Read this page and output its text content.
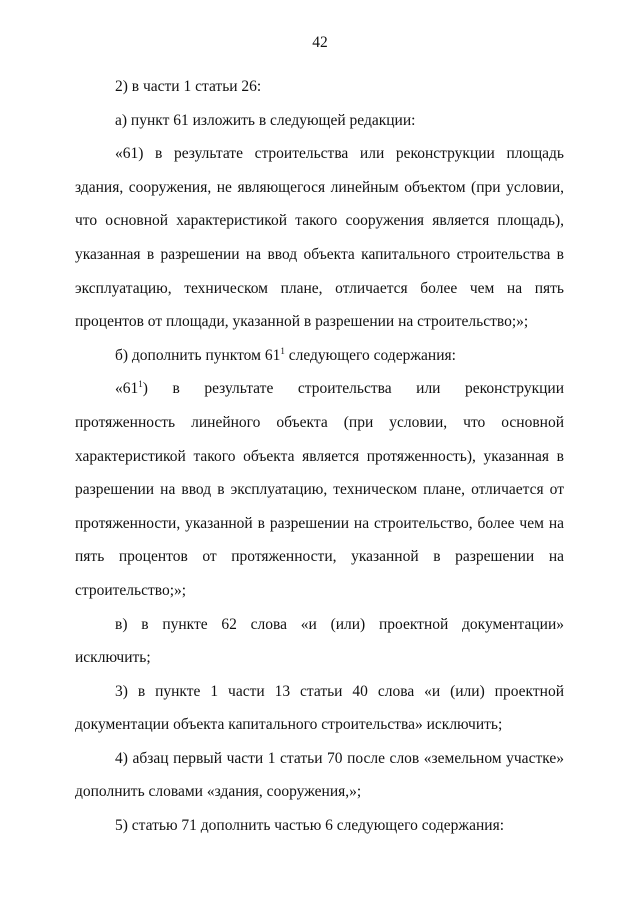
42

2) в части 1 статьи 26:

а) пункт 61 изложить в следующей редакции:

«61) в результате строительства или реконструкции площадь здания, сооружения, не являющегося линейным объектом (при условии, что основной характеристикой такого сооружения является площадь), указанная в разрешении на ввод объекта капитального строительства в эксплуатацию, техническом плане, отличается более чем на пять процентов от площади, указанной в разрешении на строительство;»;

б) дополнить пунктом $61^1$ следующего содержания:

«$61^1$) в результате строительства или реконструкции протяженность линейного объекта (при условии, что основной характеристикой такого объекта является протяженность), указанная в разрешении на ввод в эксплуатацию, техническом плане, отличается от протяженности, указанной в разрешении на строительство, более чем на пять процентов от протяженности, указанной в разрешении на строительство;»;

в) в пункте 62 слова «и (или) проектной документации» исключить;

3) в пункте 1 части 13 статьи 40 слова «и (или) проектной документации объекта капитального строительства» исключить;

4) абзац первый части 1 статьи 70 после слов «земельном участке» дополнить словами «здания, сооружения,»;

5) статью 71 дополнить частью 6 следующего содержания:
